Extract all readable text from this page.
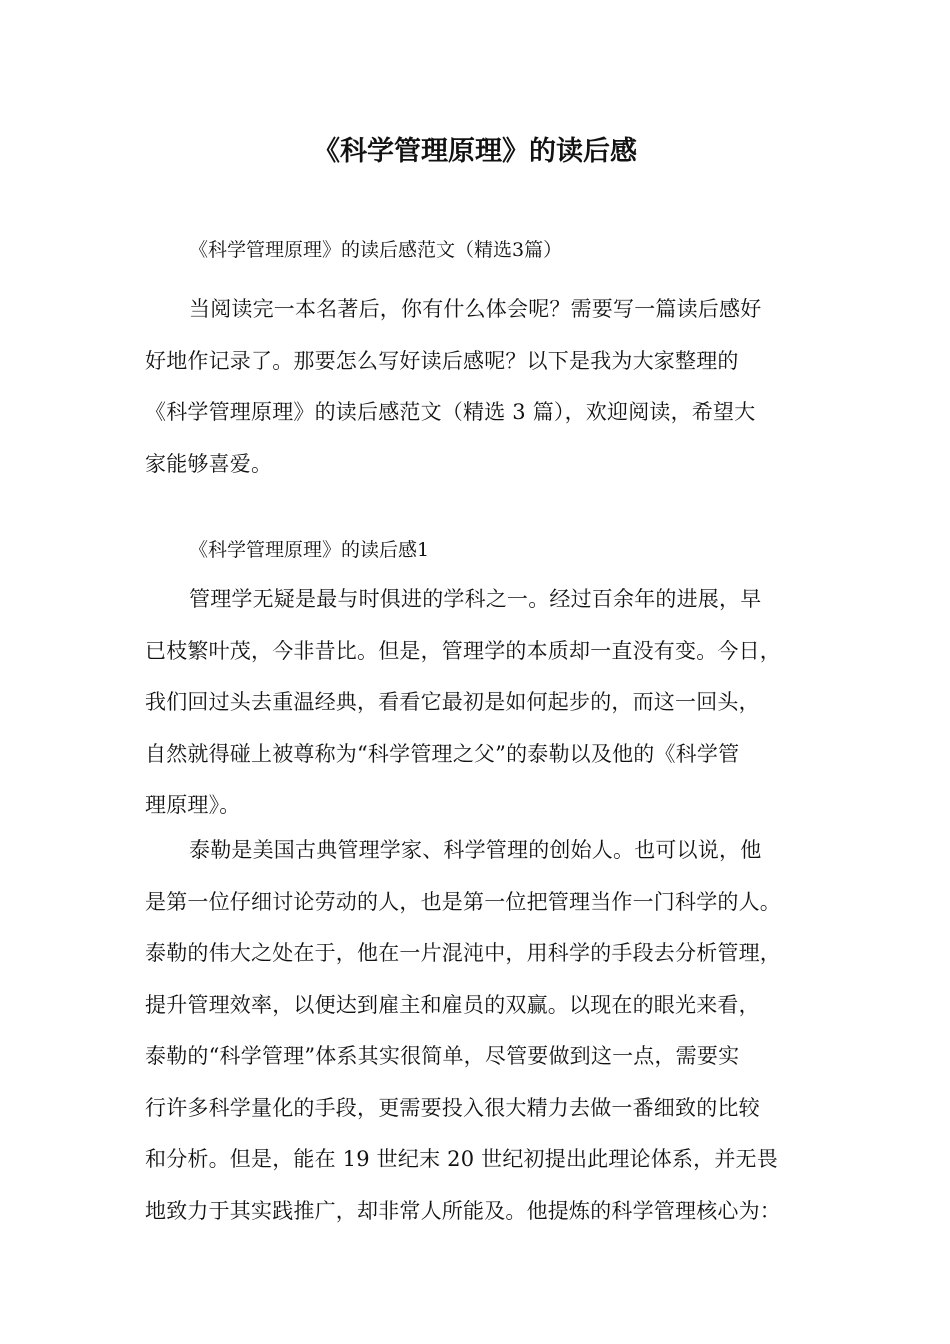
《科学管理原理》的读后感

《科学管理原理》的读后感范文（精选3篇）

当阅读完一本名著后，你有什么体会呢？需要写一篇读后感好
好地作记录了。那要怎么写好读后感呢？以下是我为大家整理的
《科学管理原理》的读后感范文（精选 3 篇），欢迎阅读，希望大
家能够喜爱。

《科学管理原理》的读后感1

管理学无疑是最与时俱进的学科之一。经过百余年的进展，早
已枝繁叶茂，今非昔比。但是，管理学的本质却一直没有变。今日，
我们回过头去重温经典，看看它最初是如何起步的，而这一回头，
自然就得碰上被尊称为“科学管理之父”的泰勒以及他的《科学管
理原理》。

泰勒是美国古典管理学家、科学管理的创始人。也可以说，他
是第一位仔细讨论劳动的人，也是第一位把管理当作一门科学的人。
泰勒的伟大之处在于，他在一片混沌中，用科学的手段去分析管理，
提升管理效率，以便达到雇主和雇员的双赢。以现在的眼光来看，
泰勒的“科学管理”体系其实很简单，尽管要做到这一点，需要实
行许多科学量化的手段，更需要投入很大精力去做一番细致的比较
和分析。但是，能在 19 世纪末 20 世纪初提出此理论体系，并无畏
地致力于其实践推广，却非常人所能及。他提炼的科学管理核心为：
